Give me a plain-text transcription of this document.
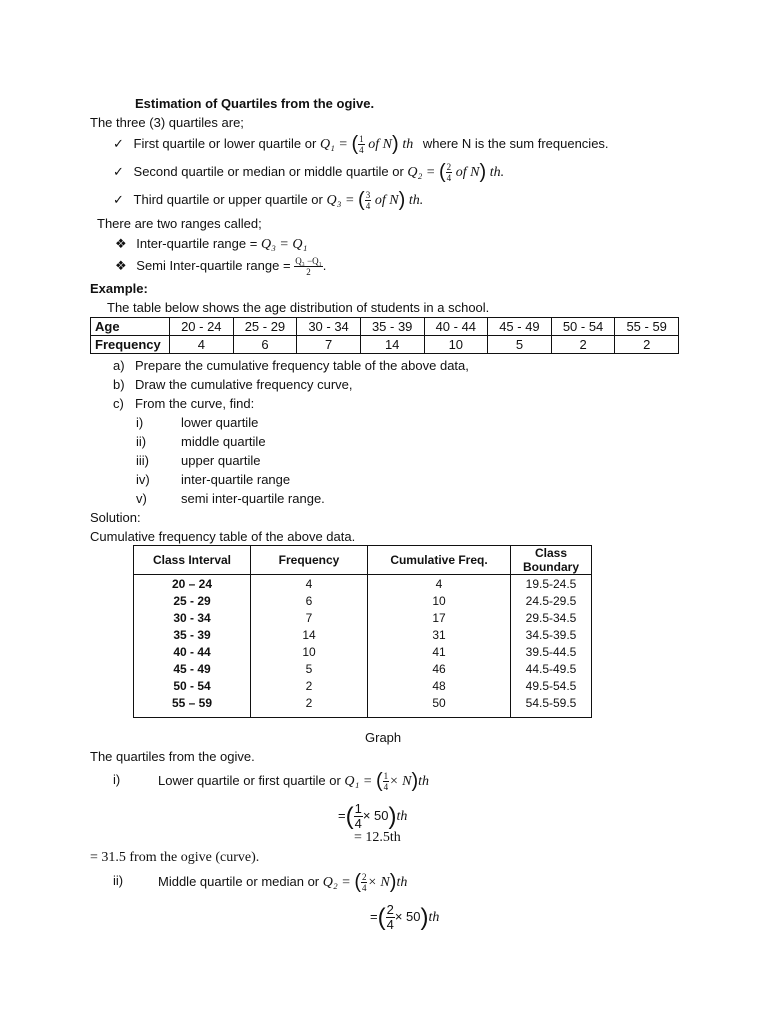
Estimation of Quartiles from the ogive.
The three (3) quartiles are;
✓ First quartile or lower quartile or Q₁ = ( $\frac{1}{4}$ of N) th where N is the sum frequencies.
✓ Second quartile or median or middle quartile or Q₂ = ( $\frac{2}{4}$ of N) th.
✓ Third quartile or upper quartile or Q₃ = ( $\frac{3}{4}$ of N) th.
There are two ranges called;
❖ Inter-quartile range = Q₃ = Q₁
❖ Semi Inter-quartile range = $\frac{\text{Q₃ −Q₁}}{2}$ .
Example:
The table below shows the age distribution of students in a school.
Age	20 - 24	25 - 29	30 - 34	35 - 39	40 - 44	45 - 49	50 - 54	55 - 59
Frequency	4	6	7	14	10	5	2	2
a) Prepare the cumulative frequency table of the above data,
b) Draw the cumulative frequency curve,
c) From the curve, find:
i)	lower quartile
ii)	middle quartile
iii) upper quartile
iv) inter-quartile range
v)	semi inter-quartile range.
Solution:
Cumulative frequency table of the above data.
Class Interval	Frequency	Cumulative Freq.	Class Boundary
20 – 24	4	4	19.5-24.5
25 - 29	6	10	24.5-29.5
30 - 34	7	17	29.5-34.5
35 - 39	14	31	34.5-39.5
40 - 44	10	41	39.5-44.5
45 - 49	5	46	44.5-49.5
50 - 54	2	48	49.5-54.5
55 – 59	2	50	54.5-59.5
Graph
The quartiles from the ogive.
i)	Lower quartile or first quartile or Q₁ = ( $\frac{1}{4} \times N)th$
=( $\frac{1}{4} \times 50)th$
= 12.5th
= 31.5 from the ogive (curve).
ii)	Middle quartile or median or Q₂ = ( $\frac{2}{4} \times N)th$
=( $\frac{2}{4} \times 50)th$
